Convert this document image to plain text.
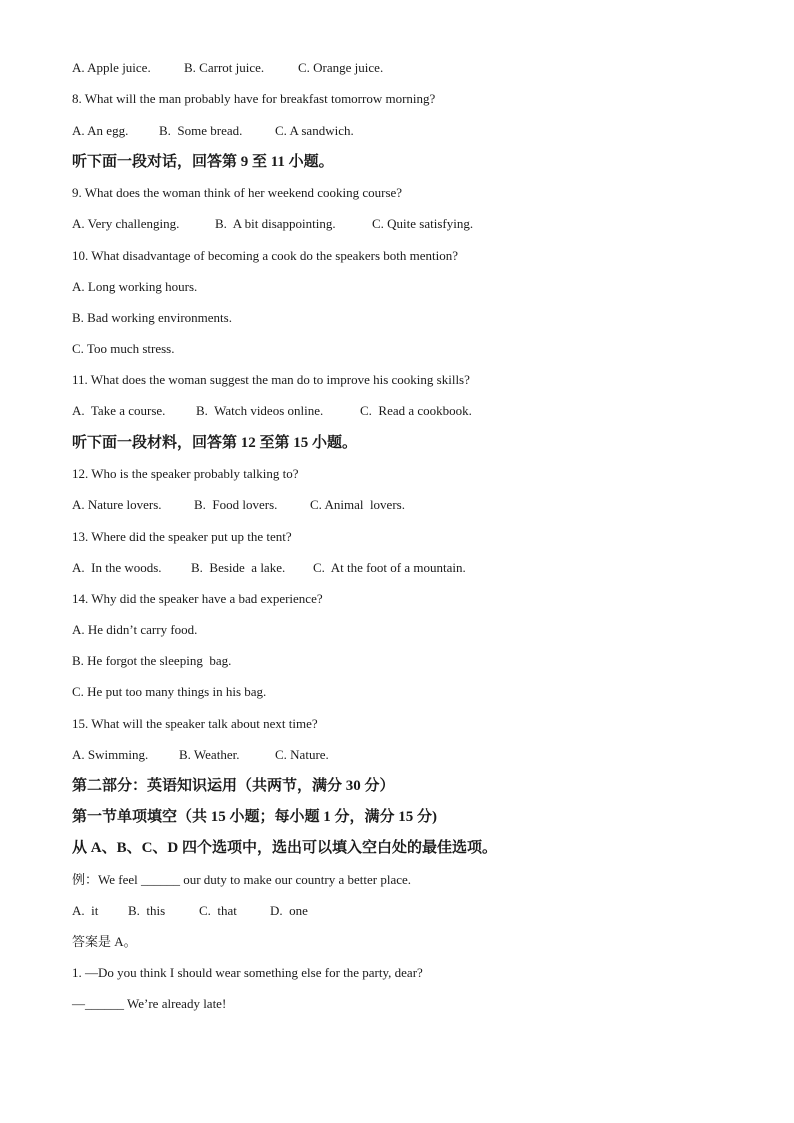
A. Apple juice.	B. Carrot juice.	C. Orange juice.
8. What will the man probably have for breakfast tomorrow morning?
A. An egg. B.  Some bread.	C. A sandwich.
听下面一段对话，回答第 9 至 11 小题。
9. What does the woman think of her weekend cooking course?
A. Very challenging.	B.  A bit disappointing.	C. Quite satisfying.
10. What disadvantage of becoming a cook do the speakers both mention?
A. Long working hours.
B. Bad working environments.
C. Too much stress.
11. What does the woman suggest the man do to improve his cooking skills?
A.  Take a course. B.  Watch videos online.	C.  Read a cookbook.
听下面一段材料，回答第 12 至第 15 小题。
12. Who is the speaker probably talking to?
A. Nature lovers. B.  Food lovers.	C. Animal  lovers.
13. Where did the speaker put up the tent?
A.  In the woods. B.  Beside  a lake. C.  At the foot of a mountain.
14. Why did the speaker have a bad experience?
A. He didn’t carry food.
B. He forgot the sleeping  bag.
C. He put too many things in his bag.
15. What will the speaker talk about next time?
A. Swimming. B. Weather.	C. Nature.
第二部分：英语知识运用（共两节，满分 30 分）
第一节单项填空（共 15 小题；每小题 1 分，满分 15 分)
从 A、B、C、D 四个选项中，选出可以填入空白处的最佳选项。
例：We feel ______ our duty to make our country a better place.
A.  it B.  this	C.  that	D.  one
答案是 A。
1. —Do you think I should wear something else for the party, dear?
—______ We’re already late!
